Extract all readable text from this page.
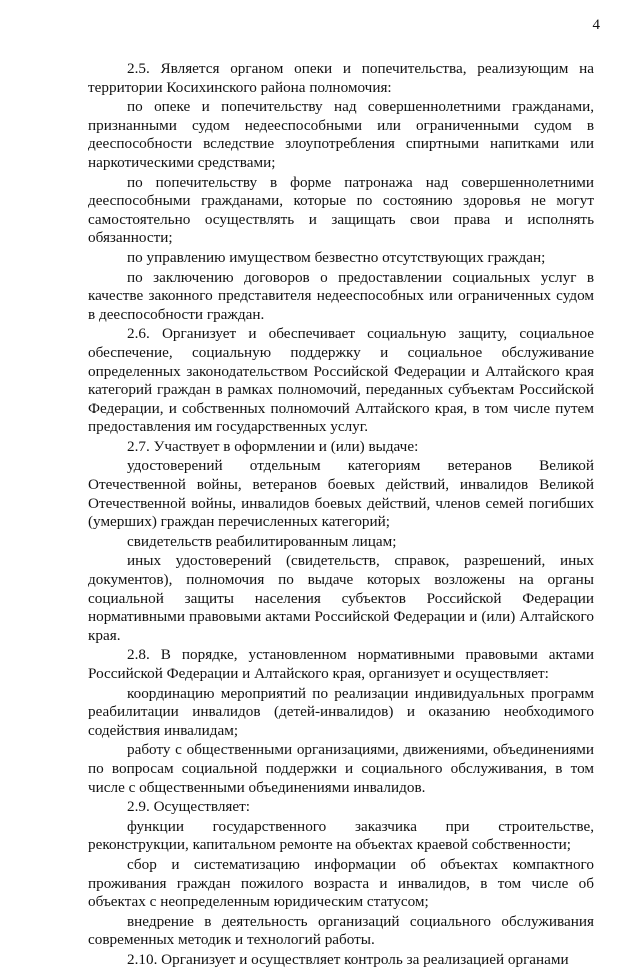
4

2.5. Является органом опеки и попечительства, реализующим на территории Косихинского района полномочия:

по опеке и попечительству над совершеннолетними гражданами, признанными судом недееспособными или ограниченными судом в дееспособности вследствие злоупотребления спиртными напитками или наркотическими средствами;

по попечительству в форме патронажа над совершеннолетними дееспособными гражданами, которые по состоянию здоровья не могут самостоятельно осуществлять и защищать свои права и исполнять обязанности;

по управлению имуществом безвестно отсутствующих граждан;

по заключению договоров о предоставлении социальных услуг в качестве законного представителя недееспособных или ограниченных судом в дееспособности граждан.

2.6. Организует и обеспечивает социальную защиту, социальное обеспечение, социальную поддержку и социальное обслуживание определенных законодательством Российской Федерации и Алтайского края категорий граждан в рамках полномочий, переданных субъектам Российской Федерации, и собственных полномочий Алтайского края, в том числе путем предоставления им государственных услуг.

2.7. Участвует в оформлении и (или) выдаче:

удостоверений отдельным категориям ветеранов Великой Отечественной войны, ветеранов боевых действий, инвалидов Великой Отечественной войны, инвалидов боевых действий, членов семей погибших (умерших) граждан перечисленных категорий;

свидетельств реабилитированным лицам;

иных удостоверений (свидетельств, справок, разрешений, иных документов), полномочия по выдаче которых возложены на органы социальной защиты населения субъектов Российской Федерации нормативными правовыми актами Российской Федерации и (или) Алтайского края.

2.8. В порядке, установленном нормативными правовыми актами Российской Федерации и Алтайского края, организует и осуществляет:

координацию мероприятий по реализации индивидуальных программ реабилитации инвалидов (детей-инвалидов) и оказанию необходимого содействия инвалидам;

работу с общественными организациями, движениями, объединениями по вопросам социальной поддержки и социального обслуживания, в том числе с общественными объединениями инвалидов.

2.9. Осуществляет:

функции государственного заказчика при строительстве, реконструкции, капитальном ремонте на объектах краевой собственности;

сбор и систематизацию информации об объектах компактного проживания граждан пожилого возраста и инвалидов, в том числе об объектах с неопределенным юридическим статусом;

внедрение в деятельность организаций социального обслуживания современных методик и технологий работы.

2.10. Организует и осуществляет контроль за реализацией органами
